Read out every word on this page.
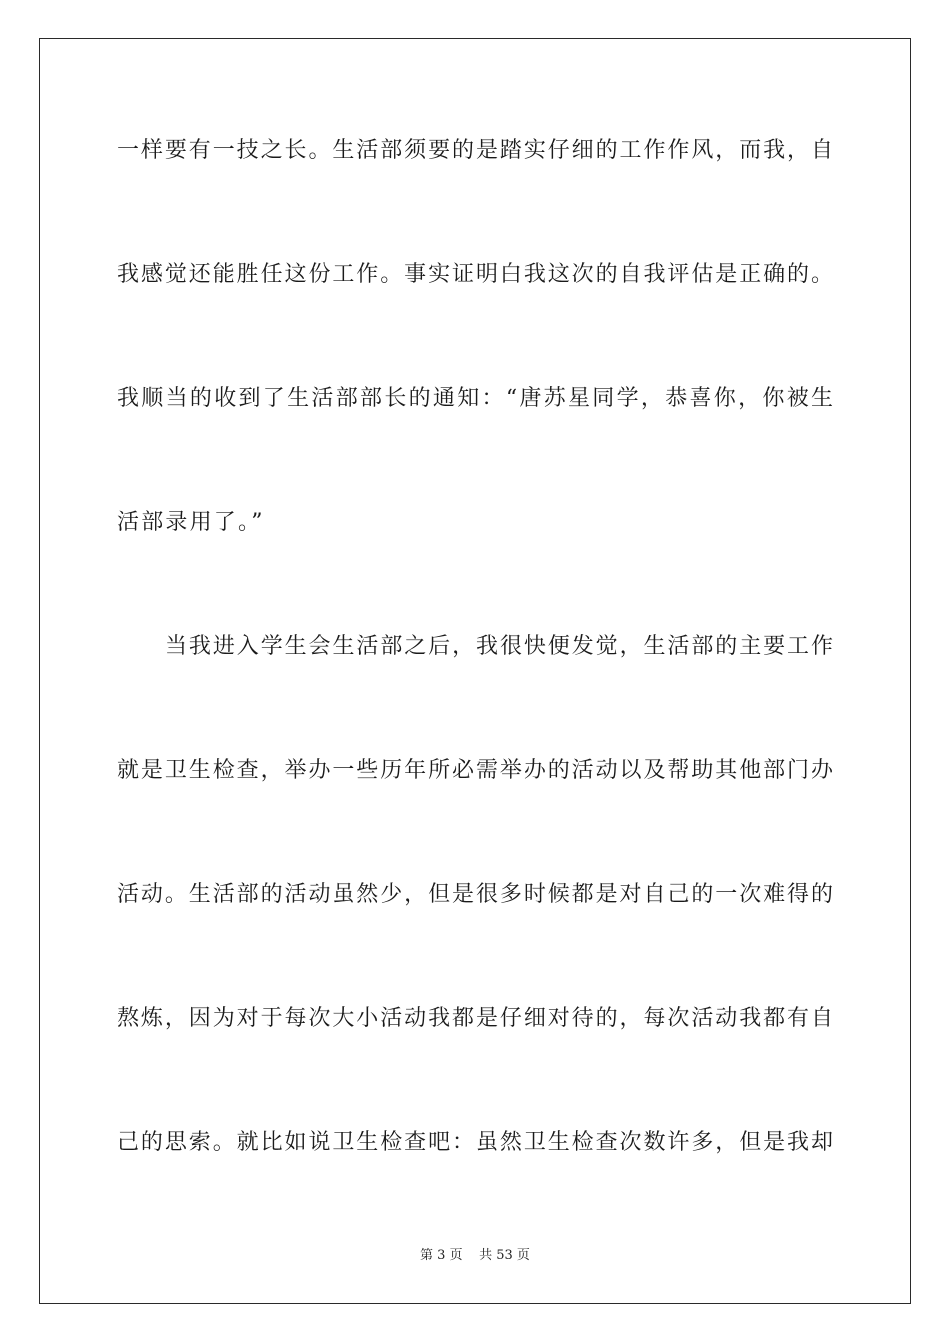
一样要有一技之长。生活部须要的是踏实仔细的工作作风，而我，自
我感觉还能胜任这份工作。事实证明白我这次的自我评估是正确的。
我顺当的收到了生活部部长的通知：“唐苏星同学，恭喜你，你被生
活部录用了。”
当我进入学生会生活部之后，我很快便发觉，生活部的主要工作
就是卫生检查，举办一些历年所必需举办的活动以及帮助其他部门办
活动。生活部的活动虽然少，但是很多时候都是对自己的一次难得的
熬炼，因为对于每次大小活动我都是仔细对待的，每次活动我都有自
己的思索。就比如说卫生检查吧：虽然卫生检查次数许多，但是我却
第 3 页 共 53 页
